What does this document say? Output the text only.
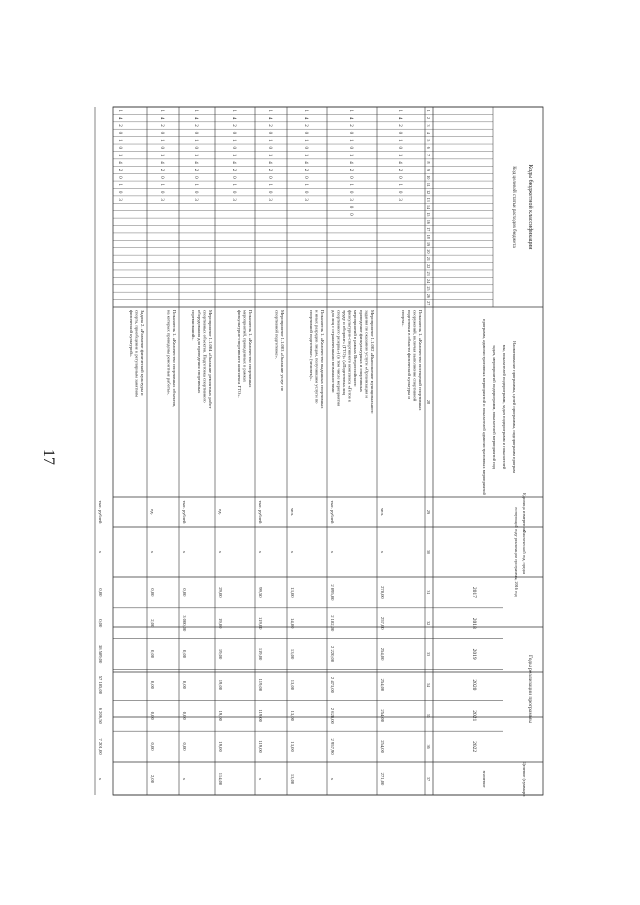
17
Коды бюджетной классификации
Код целевой статьи расходов бюджета
Наименование программы, целей программы, подпрограмм програм
мы, показателей подпрограмм, задач подпрограмм и показателей
задач, мероприятий подпрограмм, показателей мероприятий под
программ, административных мероприятий и показателей административных мероприятий
Единица измерения
Фактический год, предш
ествующий году реализации программы, 2016 год
Годы реализации программы
Целевое (суммарн
значение
2017
2018
2019
2020
2021
2022
1
2
3
4
5
6
7
8
9
10
11
12
13
14
15
16
17
18
19
20
21
22
23
24
25
26
27
28
29
30
31
32
33
34
35
36
37
1
4
2
0
1
0
1
4
2
0
1
0
3
Показатель 1. «Количество посещений спортивных
сооружений, включая выполнение спортивной
подготовки в области физической культуры и
спорта».
чел.
x
278,00
257,00
254,00
254,00
254,00
254,00
271,00
1
4
2
0
1
0
1
4
2
0
1
0
3
0
0
Мероприятие 1.1.002 «Выполнение муниципального
задания по оказанию услуги «Организация и
проведение физкультурных и спортивных
мероприятий в рамках Всероссийского
физкультурно-спортивного комплекса «Готов к
труду и обороне» (ГТО)» («Подготовка лиц
спортивного резерва») (в том числе мероприятия
для лиц с ограниченными возможностями
тыс. рублей
x
2 095,00
2 182,00
2 220,00
2 473,00
2 628,00
2 957,90
x
1
4
2
0
1
0
1
4
2
0
1
0
3
Показатель 1. «Количество выданных спортивных
и иных разрядов лицам, получившим услуги по
спортивной подготовке» (человек)».
чел.
x
13,00
14,00
13,00
13,00
13,00
13,00
13,00
1
4
2
0
1
0
1
4
2
0
1
0
3
Мероприятие 1.1.003 «Оказание услуг по
спортивной подготовке».
тыс. рублей
x
99,50
119,00
119,00
119,00
119,00
119,00
x
1
4
2
0
1
0
1
4
2
0
1
0
3
Показатель 1. «Количество спортивных
мероприятий, проведенных в рамках
физкультурно-спортивного комплекса ГТО».
ед.
x
29,00
19,00
19,00
19,00
19,00
19,00
114,00
1
4
2
0
1
0
1
4
2
0
1
0
3
Мероприятие 1.1.004 «Оказание ремонтных работ
спортивных объектов. Подготовка спортивного
оборудования для проведения спортивных
соревнований».
тыс. рублей
x
0,00
3 000,00
0,00
0,00
0,00
0,00
x
1
4
2
0
1
0
1
4
2
0
1
0
3
Показатель 1. «Количество спортивных объектов,
на которых проведены ремонтные работы».
ед.
x
0,00
2,00
0,00
0,00
0,00
0,00
2,00
1
4
2
0
1
0
1
4
2
0
1
0
3
Задача 2. «Развитие физической культуры и
спорта, приобщение к регулярным занятиям
физической культурой».
тыс. рублей
x
0,00
0,00
38 589,00
57 185,00
6 206,50
7 201,00
x
